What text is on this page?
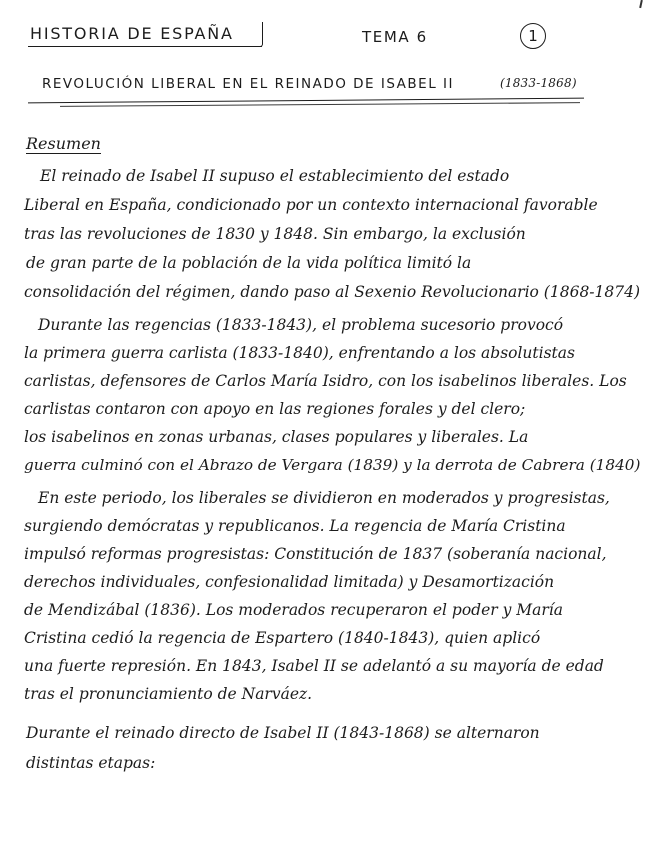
HISTORIA DE ESPAÑA	TEMA 6	1
REVOLUCIÓN LIBERAL EN EL REINADO DE ISABEL II	(1833-1868)
Resumen
El reinado de Isabel II supuso el establecimiento del estado
Liberal en España, condicionado por un contexto internacional favorable
tras las revoluciones de 1830 y 1848. Sin embargo, la exclusión
de gran parte de la población de la vida política limitó la
consolidación del régimen, dando paso al Sexenio Revolucionario (1868-1874)
Durante las regencias (1833-1843), el problema sucesorio provocó
la primera guerra carlista (1833-1840), enfrentando a los absolutistas
carlistas, defensores de Carlos María Isidro, con los isabelinos liberales. Los
carlistas contaron con apoyo en las regiones forales y del clero;
los isabelinos en zonas urbanas, clases populares y liberales. La
guerra culminó con el Abrazo de Vergara (1839) y la derrota de Cabrera (1840)
En este periodo, los liberales se dividieron en moderados y progresistas,
surgiendo demócratas y republicanos. La regencia de María Cristina
impulsó reformas progresistas: Constitución de 1837 (soberanía nacional,
derechos individuales, confesionalidad limitada) y Desamortización
de Mendizábal (1836). Los moderados recuperaron el poder y María
Cristina cedió la regencia de Espartero (1840-1843), quien aplicó
una fuerte represión. En 1843, Isabel II se adelantó a su mayoría de edad
tras el pronunciamiento de Narváez.
Durante el reinado directo de Isabel II (1843-1868) se alternaron
distintas etapas:
